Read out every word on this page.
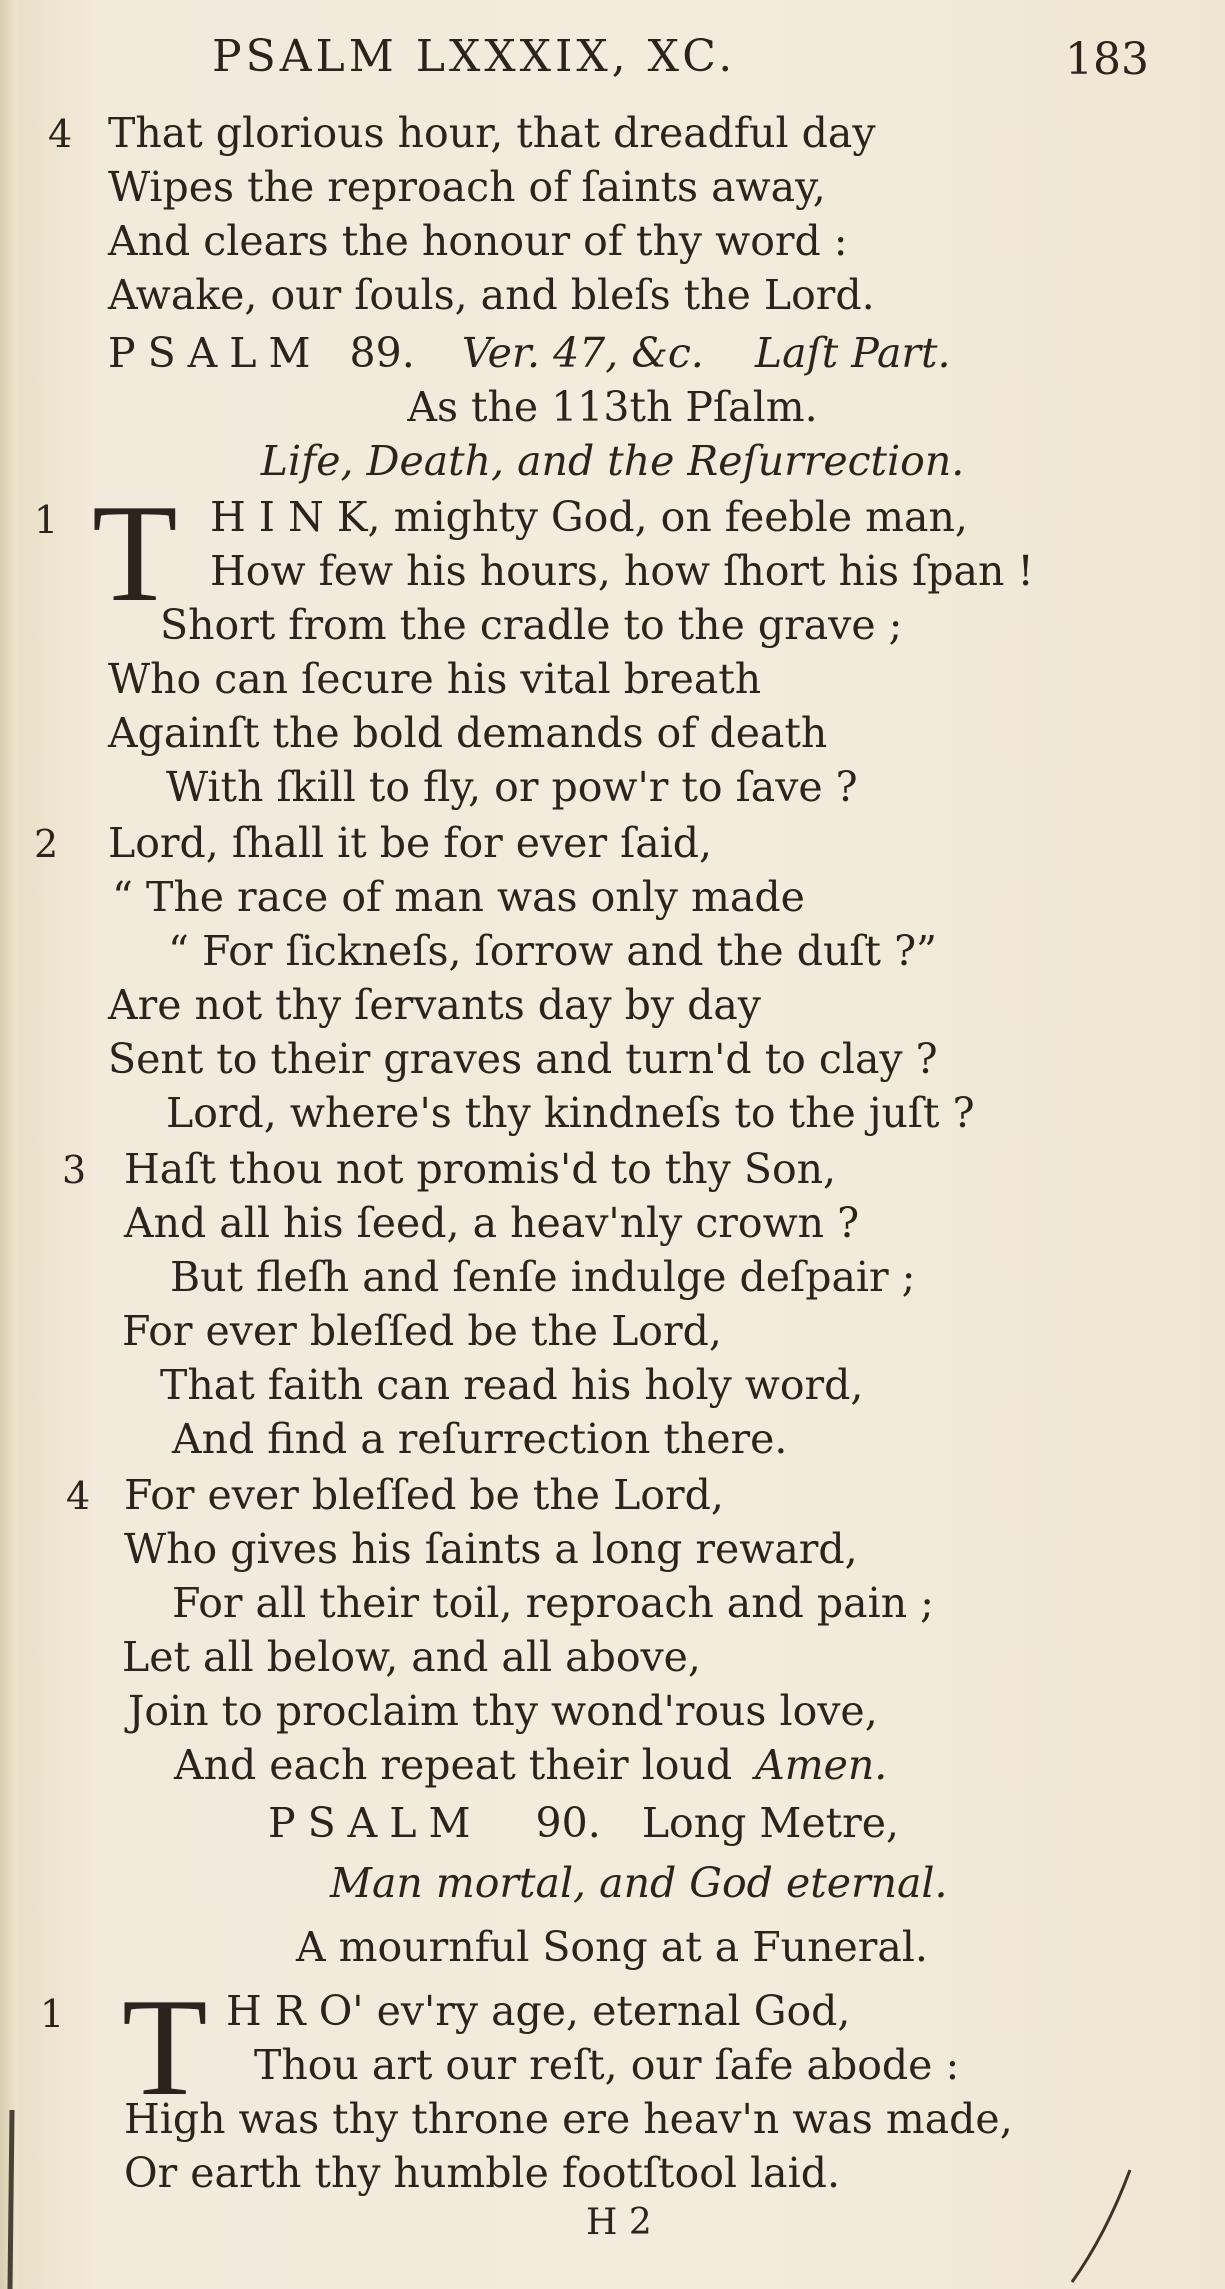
PSALM LXXXIX, XC.	183
4 That glorious hour, that dreadful day
Wipes the reproach of ſaints away,
And clears the honour of thy word :
Awake, our ſouls, and bleſs the Lord.
PSALM 89. Ver. 47, &c. Laſt Part.
As the 113th Pſalm.
Life, Death, and the Reſurrection.
1 T H I N K, mighty God, on feeble man,
How few his hours, how ſhort his ſpan !
Short from the cradle to the grave ;
Who can ſecure his vital breath
Againſt the bold demands of death
With ſkill to fly, or pow'r to ſave ?
2 Lord, ſhall it be for ever ſaid,
“ The race of man was only made
“ For ſickneſs, ſorrow and the duſt ?”
Are not thy ſervants day by day
Sent to their graves and turn'd to clay ?
Lord, where's thy kindneſs to the juſt ?
3 Haſt thou not promis'd to thy Son,
And all his ſeed, a heav'nly crown ?
But fleſh and ſenſe indulge deſpair ;
For ever bleſſed be the Lord,
That faith can read his holy word,
And find a reſurrection there.
4 For ever bleſſed be the Lord,
Who gives his ſaints a long reward,
For all their toil, reproach and pain ;
Let all below, and all above,
Join to proclaim thy wond'rous love,
And each repeat their loud Amen.
PSALM 90. Long Metre,
Man mortal, and God eternal.
A mournful Song at a Funeral.
1 T H R O' ev'ry age, eternal God,
Thou art our reſt, our ſafe abode :
High was thy throne ere heav'n was made,
Or earth thy humble footſtool laid.
H 2
